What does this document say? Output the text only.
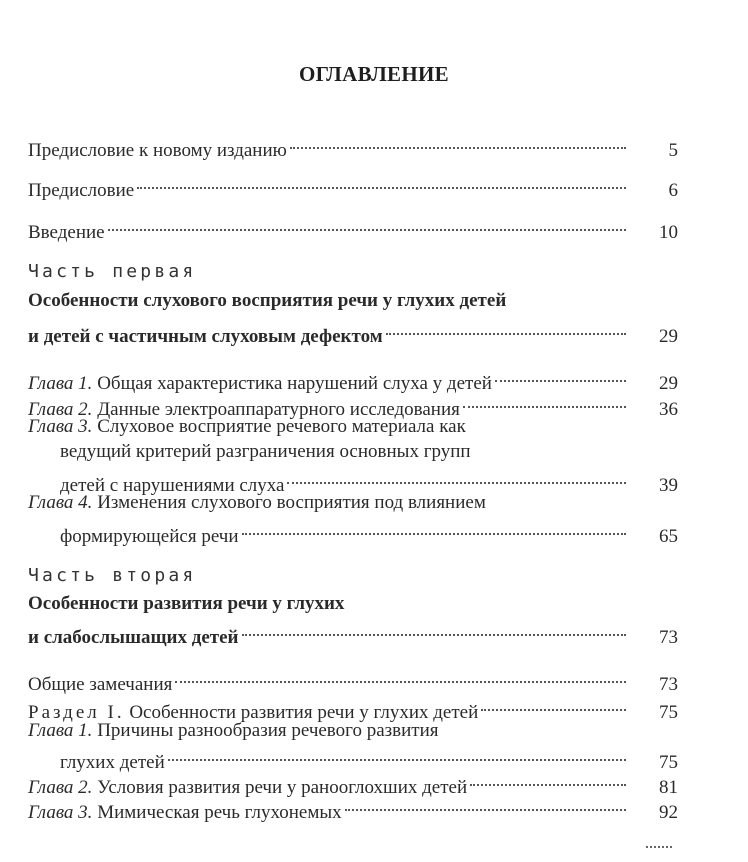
ОГЛАВЛЕНИЕ
Предисловие к новому изданию	5
Предисловие	6
Введение	10
Часть первая
Особенности слухового восприятия речи у глухих детей
и детей с частичным слуховым дефектом	29
Глава 1. Общая характеристика нарушений слуха у детей	29
Глава 2. Данные электроаппаратурного исследования	36
Глава 3. Слуховое восприятие речевого материала как
ведущий критерий разграничения основных групп
детей с нарушениями слуха	39
Глава 4. Изменения слухового восприятия под влиянием
формирующейся речи	65
Часть вторая
Особенности развития речи у глухих
и слабослышащих детей	73
Общие замечания	73
Раздел I. Особенности развития речи у глухих детей	75
Глава 1. Причины разнообразия речевого развития
глухих детей	75
Глава 2. Условия развития речи у ранооглохших детей	81
Глава 3. Мимическая речь глухонемых	92
